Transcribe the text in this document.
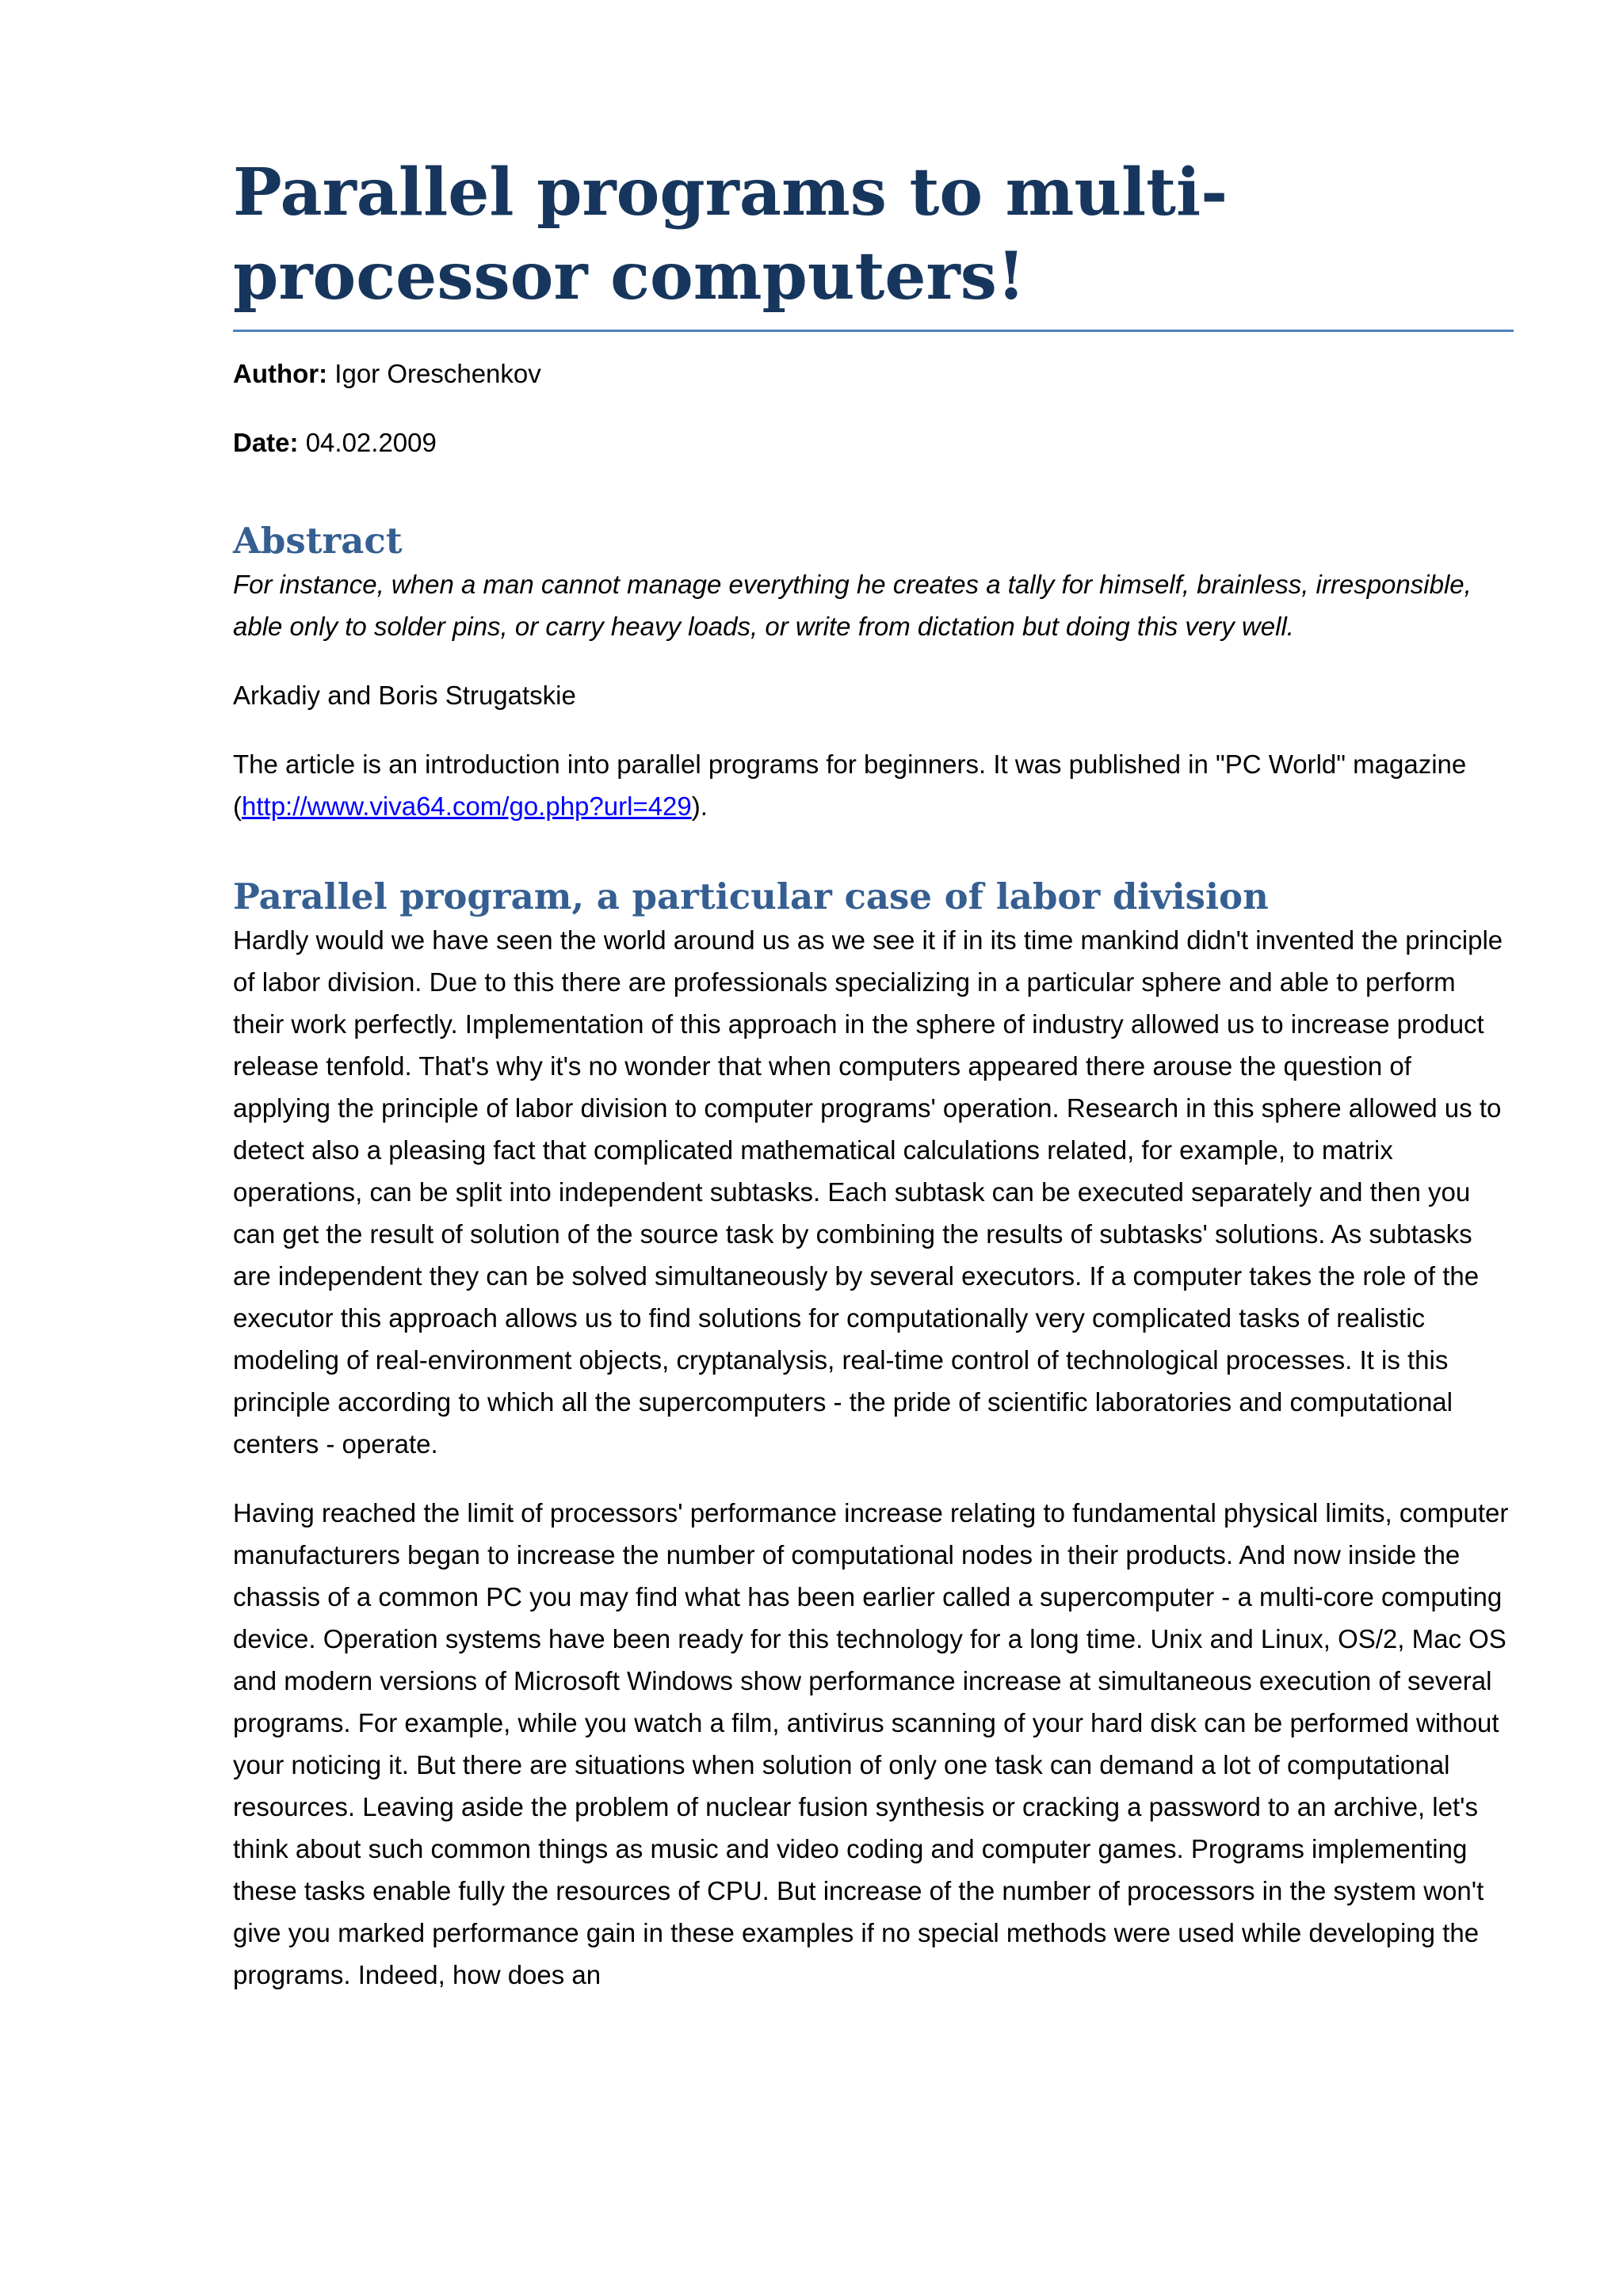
Parallel programs to multi-processor computers!

Author: Igor Oreschenkov

Date: 04.02.2009

Abstract

For instance, when a man cannot manage everything he creates a tally for himself, brainless, irresponsible, able only to solder pins, or carry heavy loads, or write from dictation but doing this very well.

Arkadiy and Boris Strugatskie

The article is an introduction into parallel programs for beginners. It was published in "PC World" magazine (http://www.viva64.com/go.php?url=429).

Parallel program, a particular case of labor division

Hardly would we have seen the world around us as we see it if in its time mankind didn't invented the principle of labor division. Due to this there are professionals specializing in a particular sphere and able to perform their work perfectly. Implementation of this approach in the sphere of industry allowed us to increase product release tenfold. That's why it's no wonder that when computers appeared there arouse the question of applying the principle of labor division to computer programs' operation. Research in this sphere allowed us to detect also a pleasing fact that complicated mathematical calculations related, for example, to matrix operations, can be split into independent subtasks. Each subtask can be executed separately and then you can get the result of solution of the source task by combining the results of subtasks' solutions. As subtasks are independent they can be solved simultaneously by several executors. If a computer takes the role of the executor this approach allows us to find solutions for computationally very complicated tasks of realistic modeling of real-environment objects, cryptanalysis, real-time control of technological processes. It is this principle according to which all the supercomputers - the pride of scientific laboratories and computational centers - operate.

Having reached the limit of processors' performance increase relating to fundamental physical limits, computer manufacturers began to increase the number of computational nodes in their products. And now inside the chassis of a common PC you may find what has been earlier called a supercomputer - a multi-core computing device. Operation systems have been ready for this technology for a long time. Unix and Linux, OS/2, Mac OS and modern versions of Microsoft Windows show performance increase at simultaneous execution of several programs. For example, while you watch a film, antivirus scanning of your hard disk can be performed without your noticing it. But there are situations when solution of only one task can demand a lot of computational resources. Leaving aside the problem of nuclear fusion synthesis or cracking a password to an archive, let's think about such common things as music and video coding and computer games. Programs implementing these tasks enable fully the resources of CPU. But increase of the number of processors in the system won't give you marked performance gain in these examples if no special methods were used while developing the programs. Indeed, how does an
